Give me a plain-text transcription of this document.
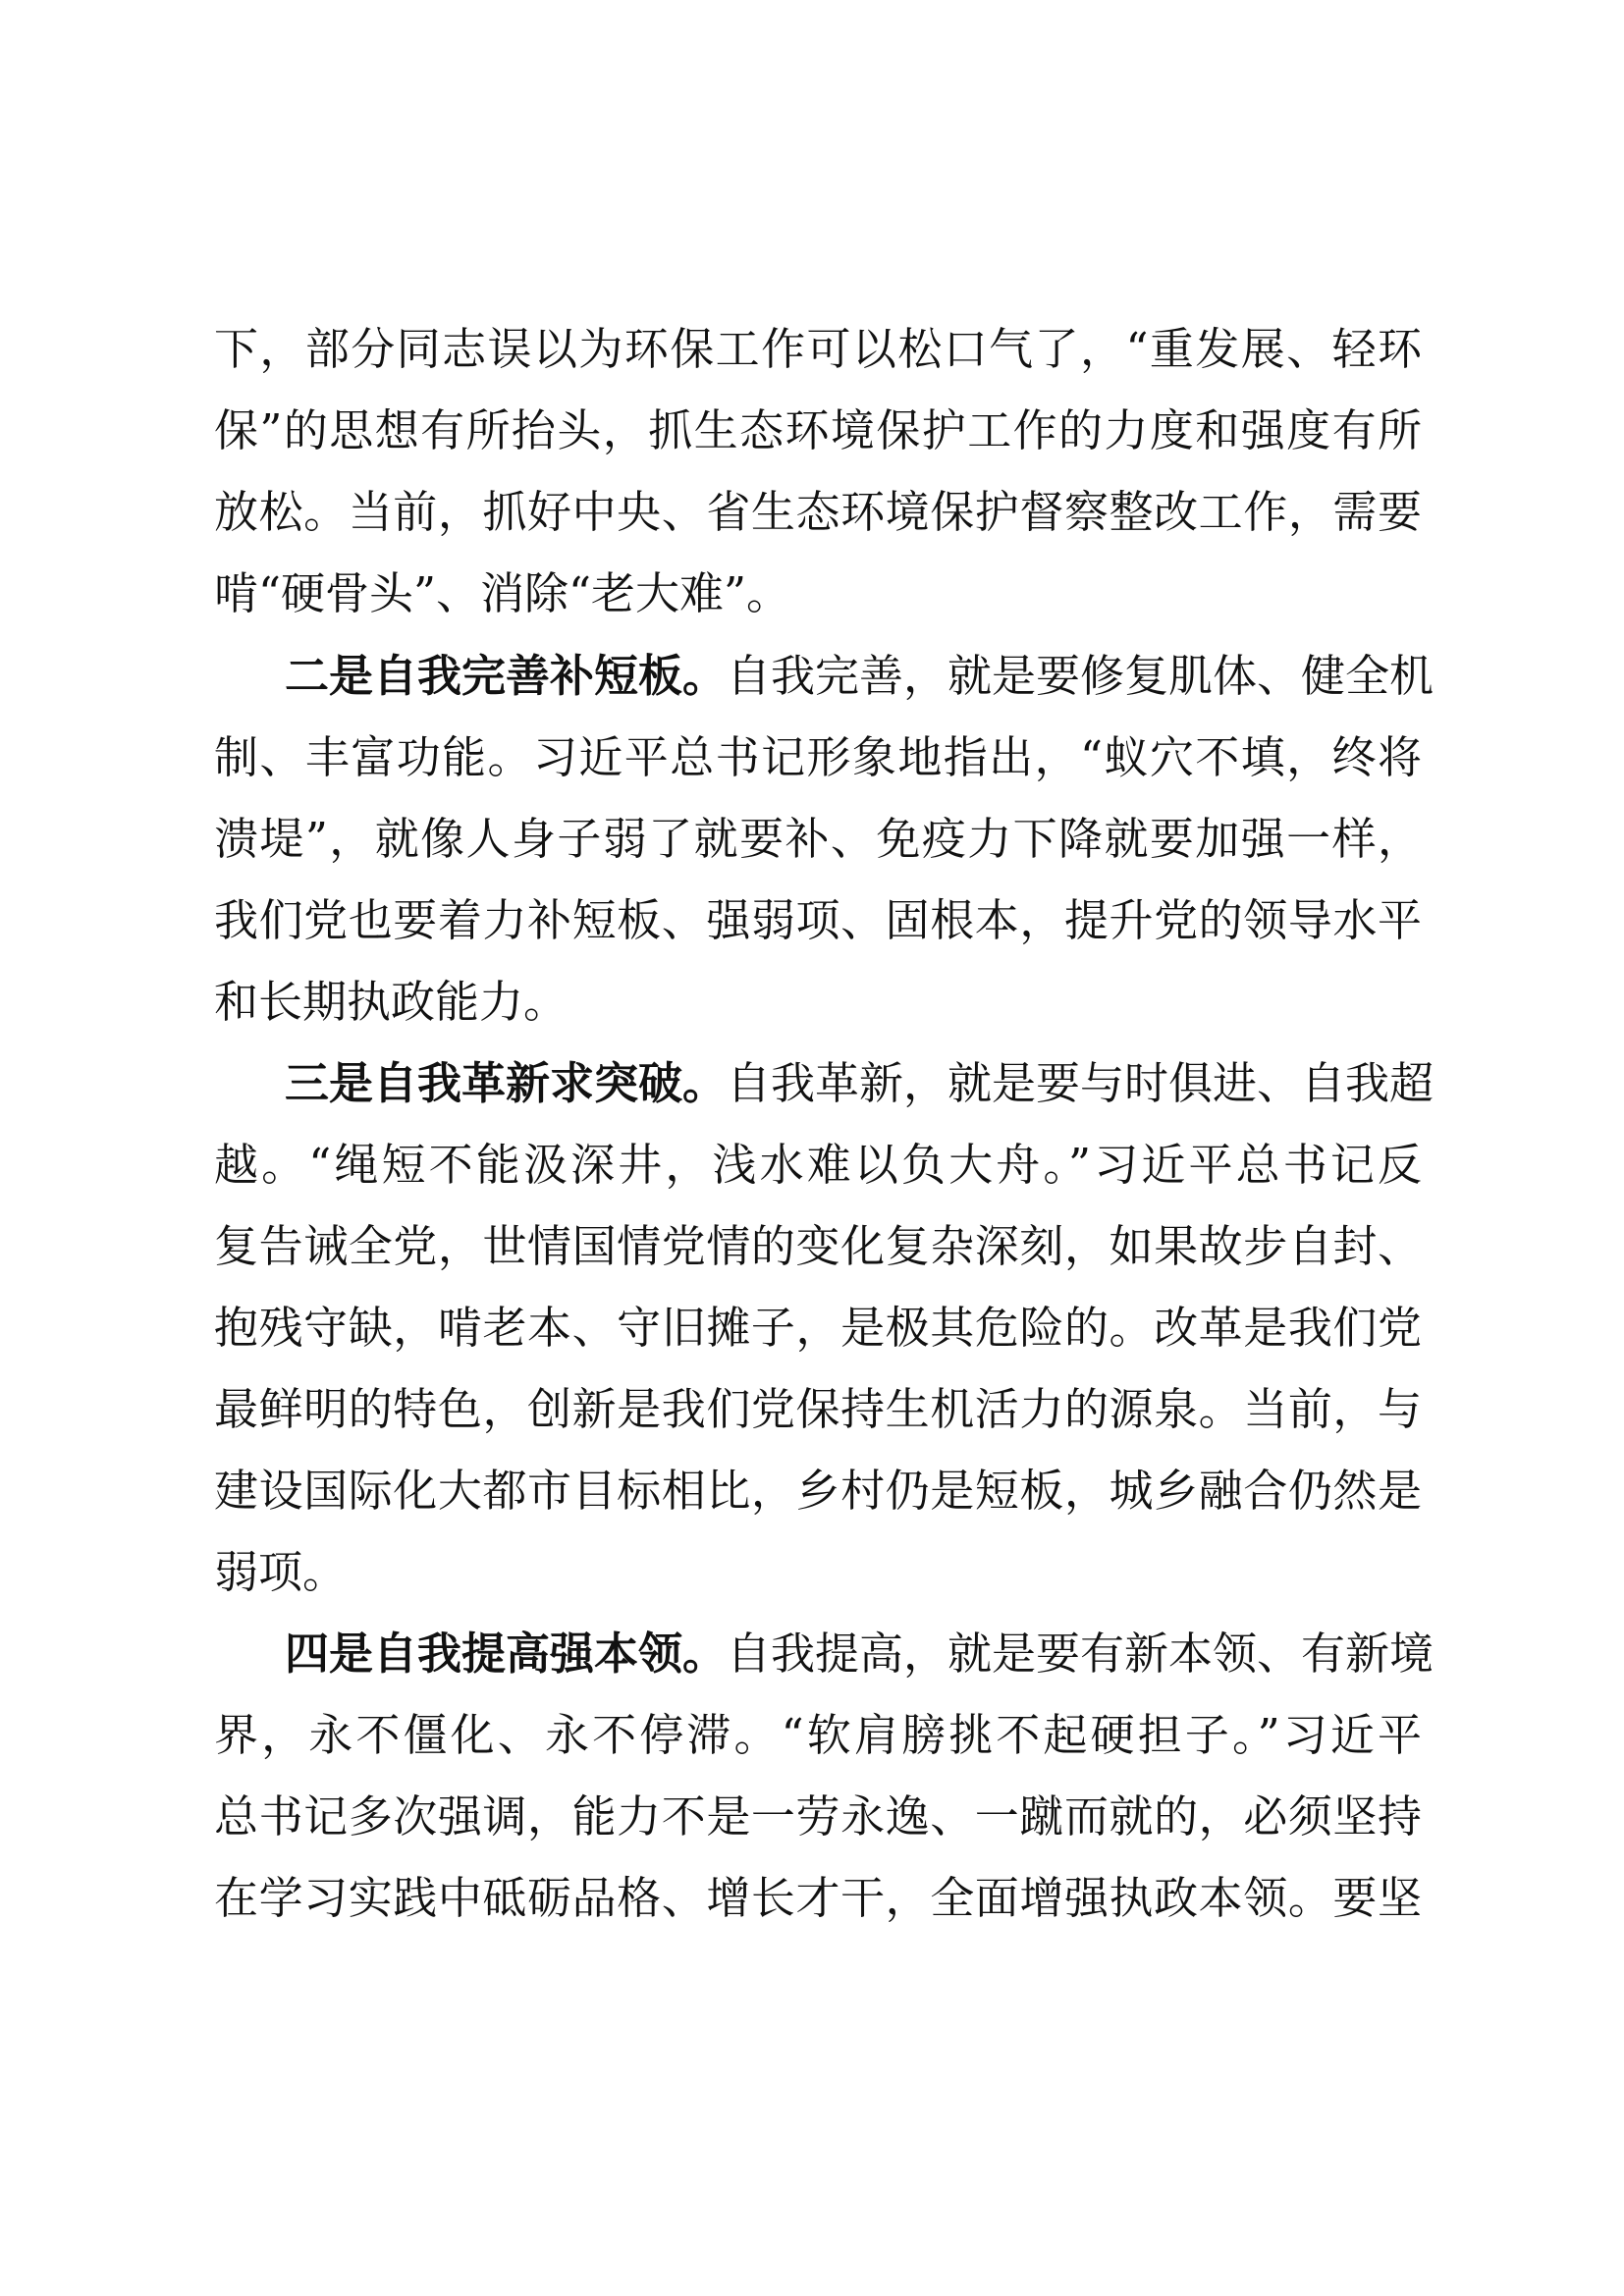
下，部分同志误以为环保工作可以松口气了，“重发展、轻环
保”的思想有所抬头，抓生态环境保护工作的力度和强度有所
放松。当前，抓好中央、省生态环境保护督察整改工作，需要
啃“硬骨头”、消除“老大难”。
二是自我完善补短板。自我完善，就是要修复肌体、健全机
制、丰富功能。习近平总书记形象地指出，“蚁穴不填，终将
溃堤”，就像人身子弱了就要补、免疫力下降就要加强一样，
我们党也要着力补短板、强弱项、固根本，提升党的领导水平
和长期执政能力。
三是自我革新求突破。自我革新，就是要与时俱进、自我超
越。“绳短不能汲深井，浅水难以负大舟。”习近平总书记反
复告诫全党，世情国情党情的变化复杂深刻，如果故步自封、
抱残守缺，啃老本、守旧摊子，是极其危险的。改革是我们党
最鲜明的特色，创新是我们党保持生机活力的源泉。当前，与
建设国际化大都市目标相比，乡村仍是短板，城乡融合仍然是
弱项。
四是自我提高强本领。自我提高，就是要有新本领、有新境
界，永不僵化、永不停滞。“软肩膀挑不起硬担子。”习近平
总书记多次强调，能力不是一劳永逸、一蹴而就的，必须坚持
在学习实践中砥砺品格、增长才干，全面增强执政本领。要坚
